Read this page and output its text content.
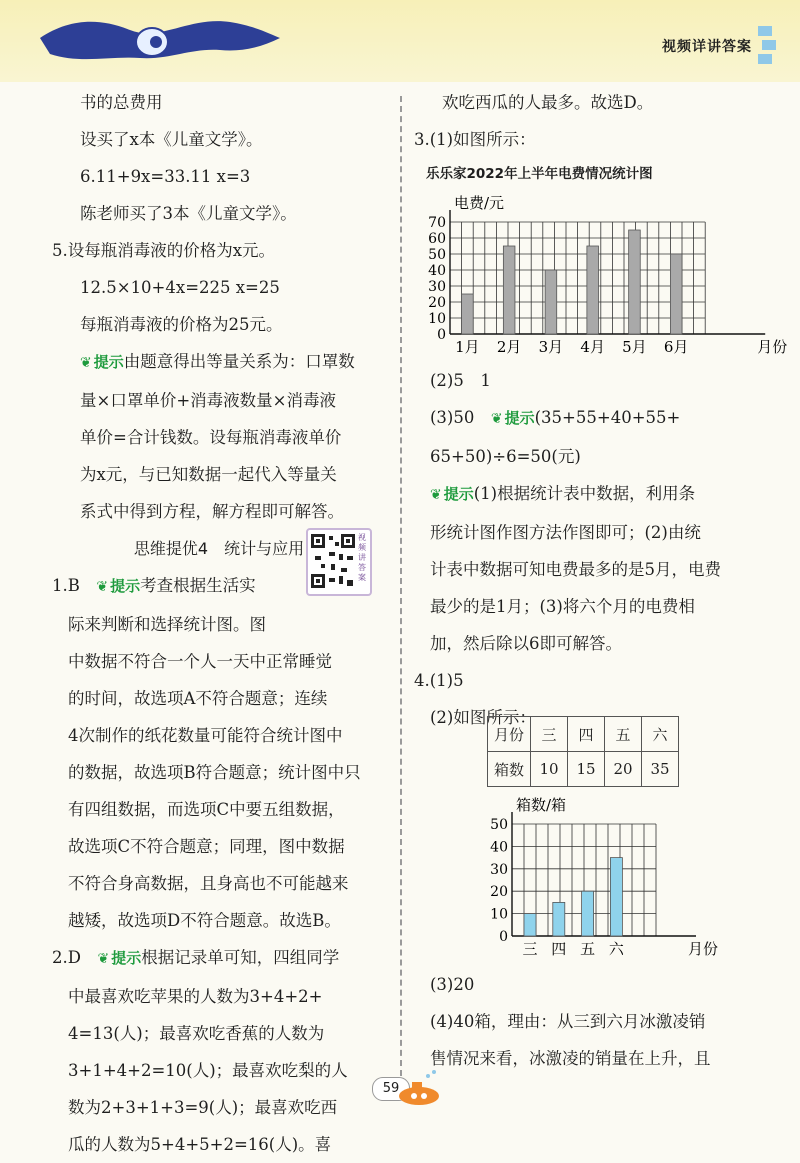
视频详讲答案

书的总费用

设买了x本《儿童文学》。

6.11+9x=33.11 x=3

陈老师买了3本《儿童文学》。

5.设每瓶消毒液的价格为x元。

12.5×10+4x=225 x=25

每瓶消毒液的价格为25元。

❦ 提示由题意得出等量关系为：口罩数

量×口罩单价+消毒液数量×消毒液

单价=合计钱数。设每瓶消毒液单价

为x元，与已知数据一起代入等量关

系式中得到方程，解方程即可解答。

思维提优4　统计与应用

1.B　 ❦ 提示考查根据生活实

际来判断和选择统计图。图

中数据不符合一个人一天中正常睡觉

的时间，故选项A不符合题意；连续

4次制作的纸花数量可能符合统计图中

的数据，故选项B符合题意；统计图中只

有四组数据，而选项C中要五组数据，

故选项C不符合题意；同理，图中数据

不符合身高数据，且身高也不可能越来

越矮，故选项D不符合题意。故选B。

2.D　 ❦ 提示根据记录单可知，四组同学

中最喜欢吃苹果的人数为3+4+2+

4=13(人)；最喜欢吃香蕉的人数为

3+1+4+2=10(人)；最喜欢吃梨的人

数为2+3+1+3=9(人)；最喜欢吃西

瓜的人数为5+4+5+2=16(人)。喜

视频讲答案

欢吃西瓜的人最多。故选D。

3.(1)如图所示：

乐乐家2022年上半年电费情况统计图
0
10
20
30
40
50
60
70
1月 2月 3月 4月 5月 6月
电费/元
月份

(2)5　1

(3)50　 ❦ 提示(35+55+40+55+

65+50)÷6=50(元)

❦ 提示(1)根据统计表中数据，利用条

形统计图作图方法作图即可；(2)由统

计表中数据可知电费最多的是5月，电费

最少的是1月；(3)将六个月的电费相

加，然后除以6即可解答。

4.(1)5

(2)如图所示：

月份	三	四	五	六
箱数	10	15	20	35
0
10
20
30
40
50
三 四 五 六
箱数/箱
月份

(3)20

(4)40箱，理由：从三到六月冰激凌销

售情况来看，冰激凌的销量在上升，且

59
